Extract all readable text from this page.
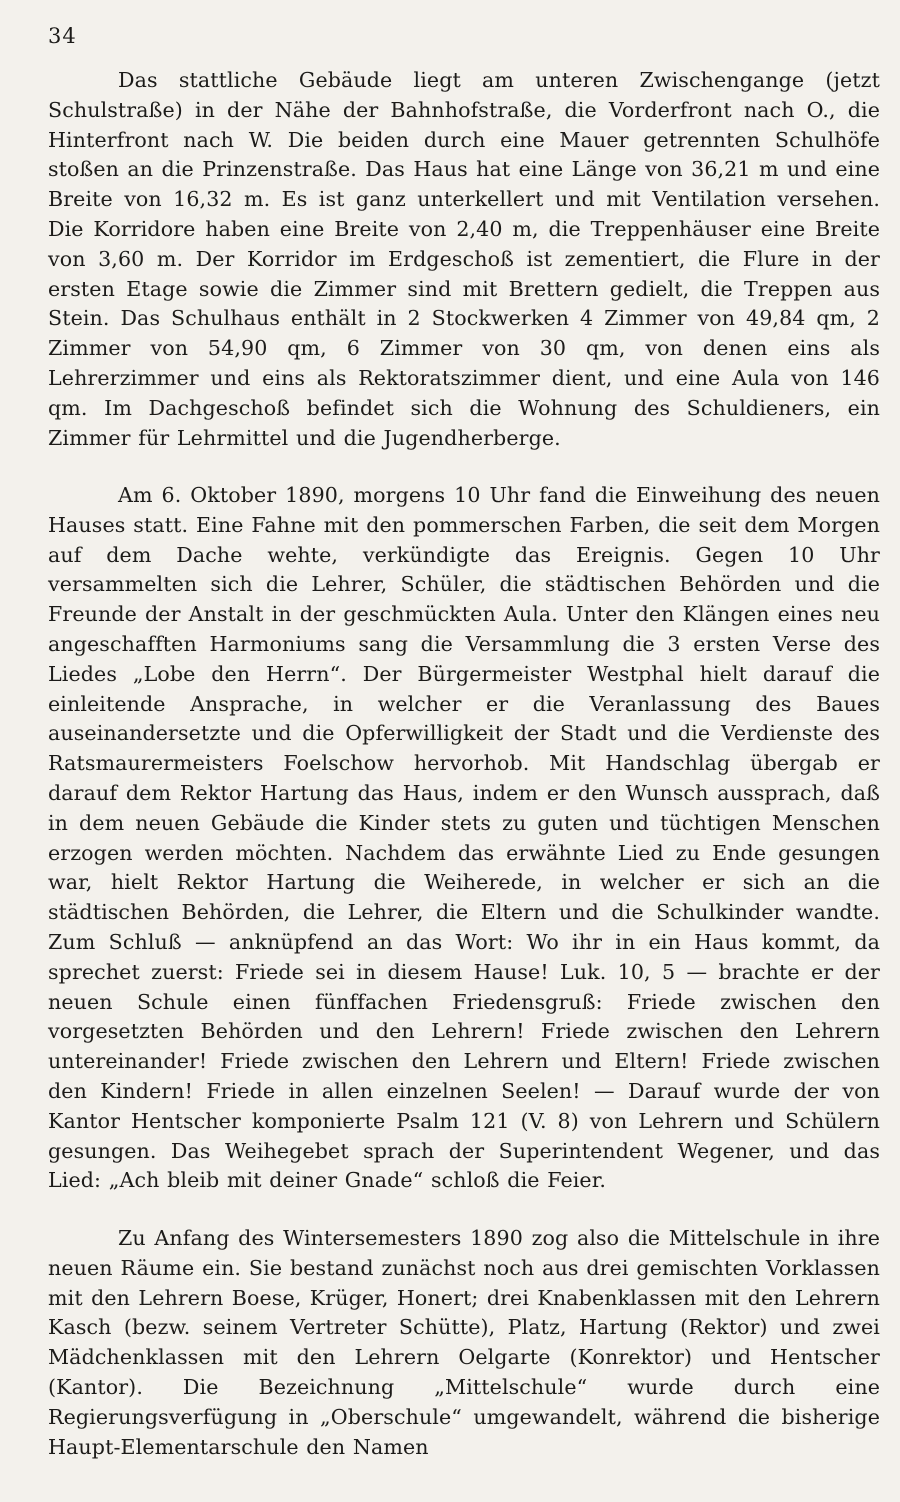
34

Das stattliche Gebäude liegt am unteren Zwischengange (jetzt Schulstraße) in der Nähe der Bahnhofstraße, die Vorderfront nach O., die Hinterfront nach W. Die beiden durch eine Mauer getrennten Schulhöfe stoßen an die Prinzenstraße. Das Haus hat eine Länge von 36,21 m und eine Breite von 16,32 m. Es ist ganz unterkellert und mit Ventilation versehen. Die Korridore haben eine Breite von 2,40 m, die Treppenhäuser eine Breite von 3,60 m. Der Korridor im Erdgeschoß ist zementiert, die Flure in der ersten Etage sowie die Zimmer sind mit Brettern gedielt, die Treppen aus Stein. Das Schulhaus enthält in 2 Stockwerken 4 Zimmer von 49,84 qm, 2 Zimmer von 54,90 qm, 6 Zimmer von 30 qm, von denen eins als Lehrerzimmer und eins als Rektoratszimmer dient, und eine Aula von 146 qm. Im Dachgeschoß befindet sich die Wohnung des Schuldieners, ein Zimmer für Lehrmittel und die Jugendherberge.

Am 6. Oktober 1890, morgens 10 Uhr fand die Einweihung des neuen Hauses statt. Eine Fahne mit den pommerschen Farben, die seit dem Morgen auf dem Dache wehte, verkündigte das Ereignis. Gegen 10 Uhr versammelten sich die Lehrer, Schüler, die städtischen Behörden und die Freunde der Anstalt in der geschmückten Aula. Unter den Klängen eines neu angeschafften Harmoniums sang die Versammlung die 3 ersten Verse des Liedes „Lobe den Herrn“. Der Bürgermeister Westphal hielt darauf die einleitende Ansprache, in welcher er die Veranlassung des Baues auseinandersetzte und die Opferwilligkeit der Stadt und die Verdienste des Ratsmaurermeisters Foelschow hervorhob. Mit Handschlag übergab er darauf dem Rektor Hartung das Haus, indem er den Wunsch aussprach, daß in dem neuen Gebäude die Kinder stets zu guten und tüchtigen Menschen erzogen werden möchten. Nachdem das erwähnte Lied zu Ende gesungen war, hielt Rektor Hartung die Weiherede, in welcher er sich an die städtischen Behörden, die Lehrer, die Eltern und die Schulkinder wandte. Zum Schluß — anknüpfend an das Wort: Wo ihr in ein Haus kommt, da sprechet zuerst: Friede sei in diesem Hause! Luk. 10, 5 — brachte er der neuen Schule einen fünffachen Friedensgruß: Friede zwischen den vorgesetzten Behörden und den Lehrern! Friede zwischen den Lehrern untereinander! Friede zwischen den Lehrern und Eltern! Friede zwischen den Kindern! Friede in allen einzelnen Seelen! — Darauf wurde der von Kantor Hentscher komponierte Psalm 121 (V. 8) von Lehrern und Schülern gesungen. Das Weihegebet sprach der Superintendent Wegener, und das Lied: „Ach bleib mit deiner Gnade“ schloß die Feier.

Zu Anfang des Wintersemesters 1890 zog also die Mittelschule in ihre neuen Räume ein. Sie bestand zunächst noch aus drei gemischten Vorklassen mit den Lehrern Boese, Krüger, Honert; drei Knabenklassen mit den Lehrern Kasch (bezw. seinem Vertreter Schütte), Platz, Hartung (Rektor) und zwei Mädchenklassen mit den Lehrern Oelgarte (Konrektor) und Hentscher (Kantor). Die Bezeichnung „Mittelschule“ wurde durch eine Regierungsverfügung in „Oberschule“ umgewandelt, während die bisherige Haupt-Elementarschule den Namen
